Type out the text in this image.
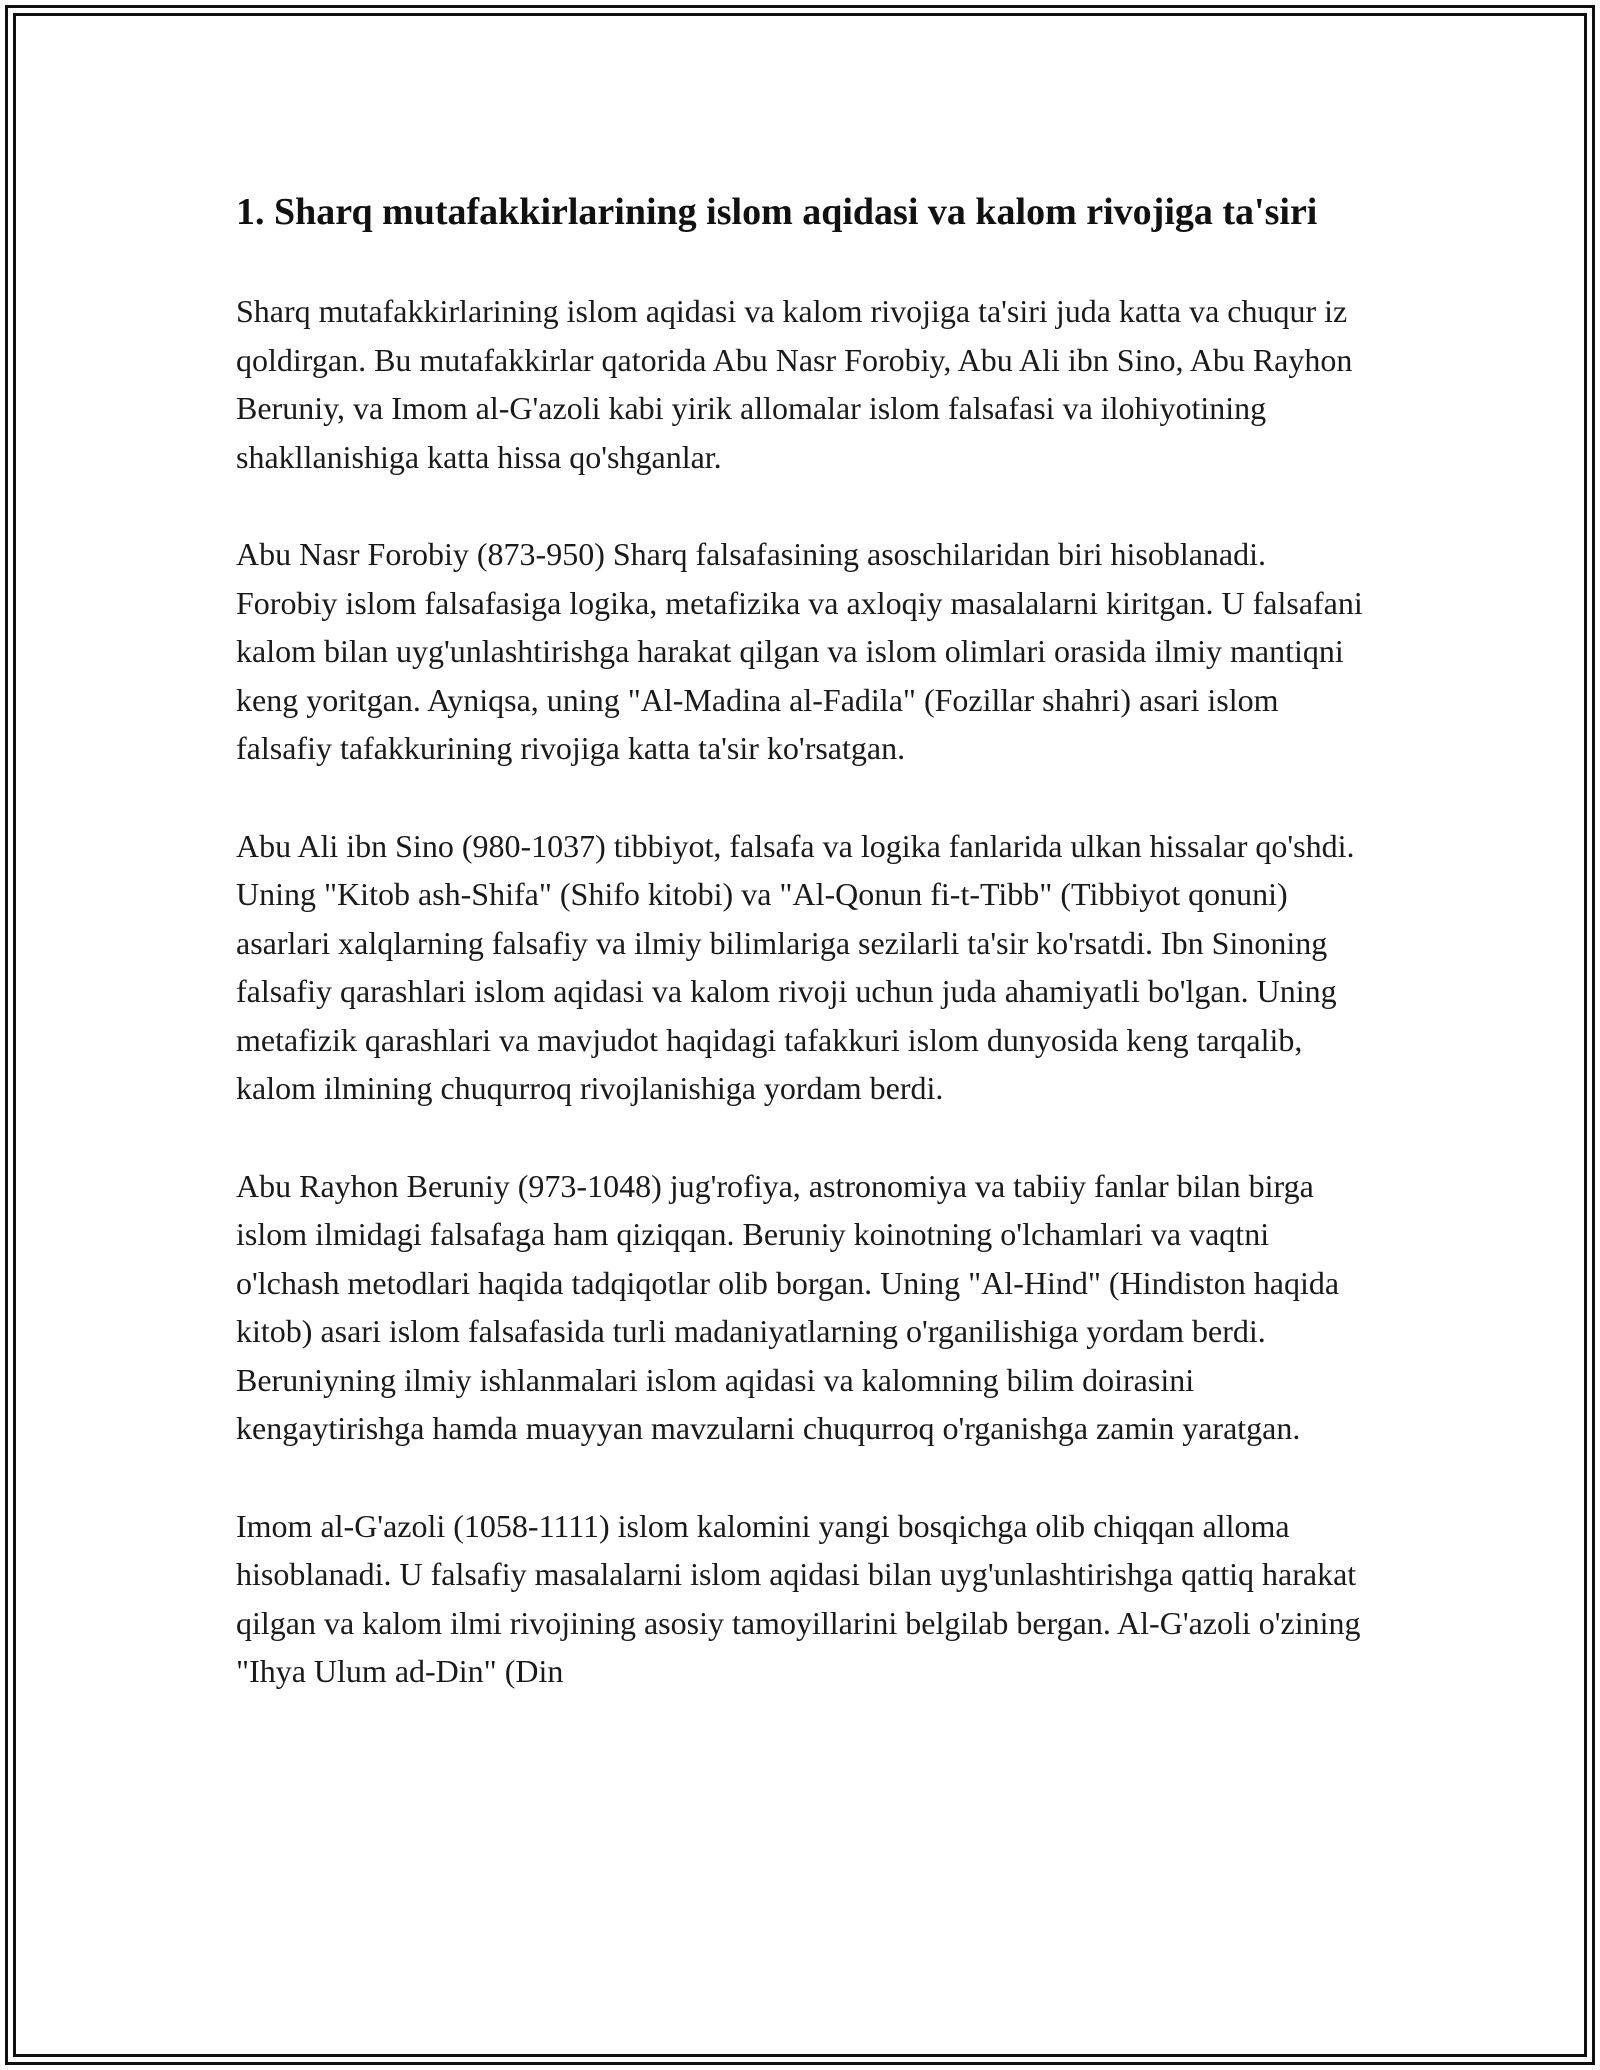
1. Sharq mutafakkirlarining islom aqidasi va kalom rivojiga ta'siri

Sharq mutafakkirlarining islom aqidasi va kalom rivojiga ta'siri juda katta va chuqur iz qoldirgan. Bu mutafakkirlar qatorida Abu Nasr Forobiy, Abu Ali ibn Sino, Abu Rayhon Beruniy, va Imom al-G'azoli kabi yirik allomalar islom falsafasi va ilohiyotining shakllanishiga katta hissa qo'shganlar.

Abu Nasr Forobiy (873-950) Sharq falsafasining asoschilaridan biri hisoblanadi. Forobiy islom falsafasiga logika, metafizika va axloqiy masalalarni kiritgan. U falsafani kalom bilan uyg'unlashtirishga harakat qilgan va islom olimlari orasida ilmiy mantiqni keng yoritgan. Ayniqsa, uning "Al-Madina al-Fadila" (Fozillar shahri) asari islom falsafiy tafakkurining rivojiga katta ta'sir ko'rsatgan.

Abu Ali ibn Sino (980-1037) tibbiyot, falsafa va logika fanlarida ulkan hissalar qo'shdi. Uning "Kitob ash-Shifa" (Shifo kitobi) va "Al-Qonun fi-t-Tibb" (Tibbiyot qonuni) asarlari xalqlarning falsafiy va ilmiy bilimlariga sezilarli ta'sir ko'rsatdi. Ibn Sinoning falsafiy qarashlari islom aqidasi va kalom rivoji uchun juda ahamiyatli bo'lgan. Uning metafizik qarashlari va mavjudot haqidagi tafakkuri islom dunyosida keng tarqalib, kalom ilmining chuqurroq rivojlanishiga yordam berdi.

Abu Rayhon Beruniy (973-1048) jug'rofiya, astronomiya va tabiiy fanlar bilan birga islom ilmidagi falsafaga ham qiziqqan. Beruniy koinotning o'lchamlari va vaqtni o'lchash metodlari haqida tadqiqotlar olib borgan. Uning "Al-Hind" (Hindiston haqida kitob) asari islom falsafasida turli madaniyatlarning o'rganilishiga yordam berdi. Beruniyning ilmiy ishlanmalari islom aqidasi va kalomning bilim doirasini kengaytirishga hamda muayyan mavzularni chuqurroq o'rganishga zamin yaratgan.

Imom al-G'azoli (1058-1111) islom kalomini yangi bosqichga olib chiqqan alloma hisoblanadi. U falsafiy masalalarni islom aqidasi bilan uyg'unlashtirishga qattiq harakat qilgan va kalom ilmi rivojining asosiy tamoyillarini belgilab bergan. Al-G'azoli o'zining "Ihya Ulum ad-Din" (Din
